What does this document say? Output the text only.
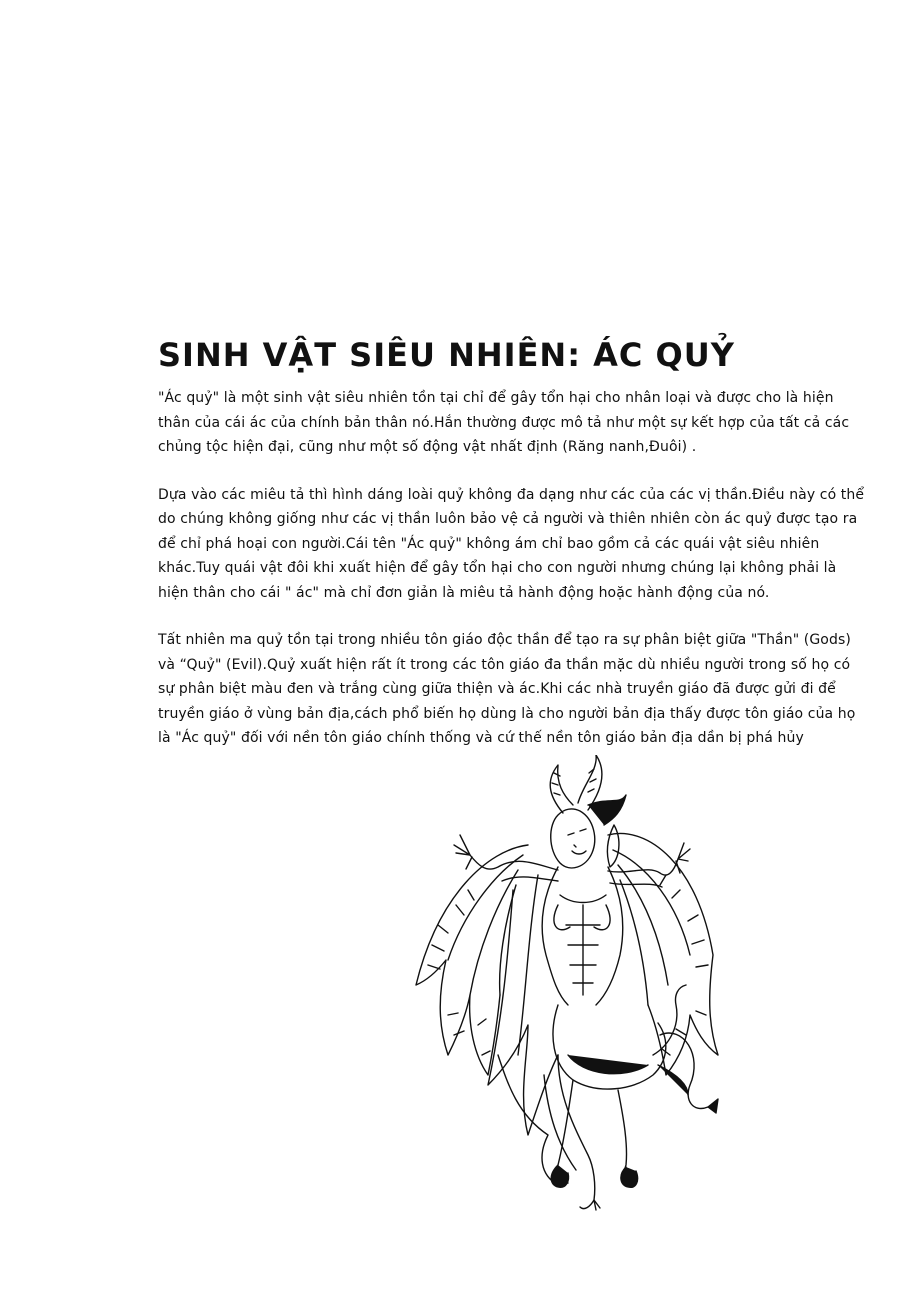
SINH VẬT SIÊU NHIÊN: ÁC QUỶ

"Ác quỷ" là một sinh vật siêu nhiên tồn tại chỉ để gây tổn hại cho nhân loại và được cho là hiện
thân của cái ác của chính bản thân nó.Hắn thường được mô tả như một sự kết hợp của tất cả các
chủng tộc hiện đại, cũng như một số động vật nhất định (Răng nanh,Đuôi) .

Dựa vào các miêu tả thì hình dáng loài quỷ không đa dạng như các của các vị thần.Điều này có thể
do chúng không giống như các vị thần luôn bảo vệ cả người và thiên nhiên còn ác quỷ được tạo ra
để chỉ phá hoại con người.Cái tên "Ác quỷ" không ám chỉ bao gồm cả các quái vật siêu nhiên
khác.Tuy quái vật đôi khi xuất hiện để gây tổn hại cho con người nhưng chúng lại không phải là
hiện thân cho cái " ác" mà chỉ đơn giản là miêu tả hành động hoặc hành động của nó.

Tất nhiên ma quỷ tồn tại trong nhiều tôn giáo độc thần để tạo ra sự phân biệt giữa "Thần" (Gods)
và “Quỷ" (Evil).Quỷ xuất hiện rất ít trong các tôn giáo đa thần mặc dù nhiều người trong số họ có
sự phân biệt màu đen và trắng cùng giữa thiện và ác.Khi các nhà truyền giáo đã được gửi đi để
truyền giáo ở vùng bản địa,cách phổ biến họ dùng là cho người bản địa thấy được tôn giáo của họ
là "Ác quỷ" đối với nền tôn giáo chính thống và cứ thế nền tôn giáo bản địa dần bị phá hủy
